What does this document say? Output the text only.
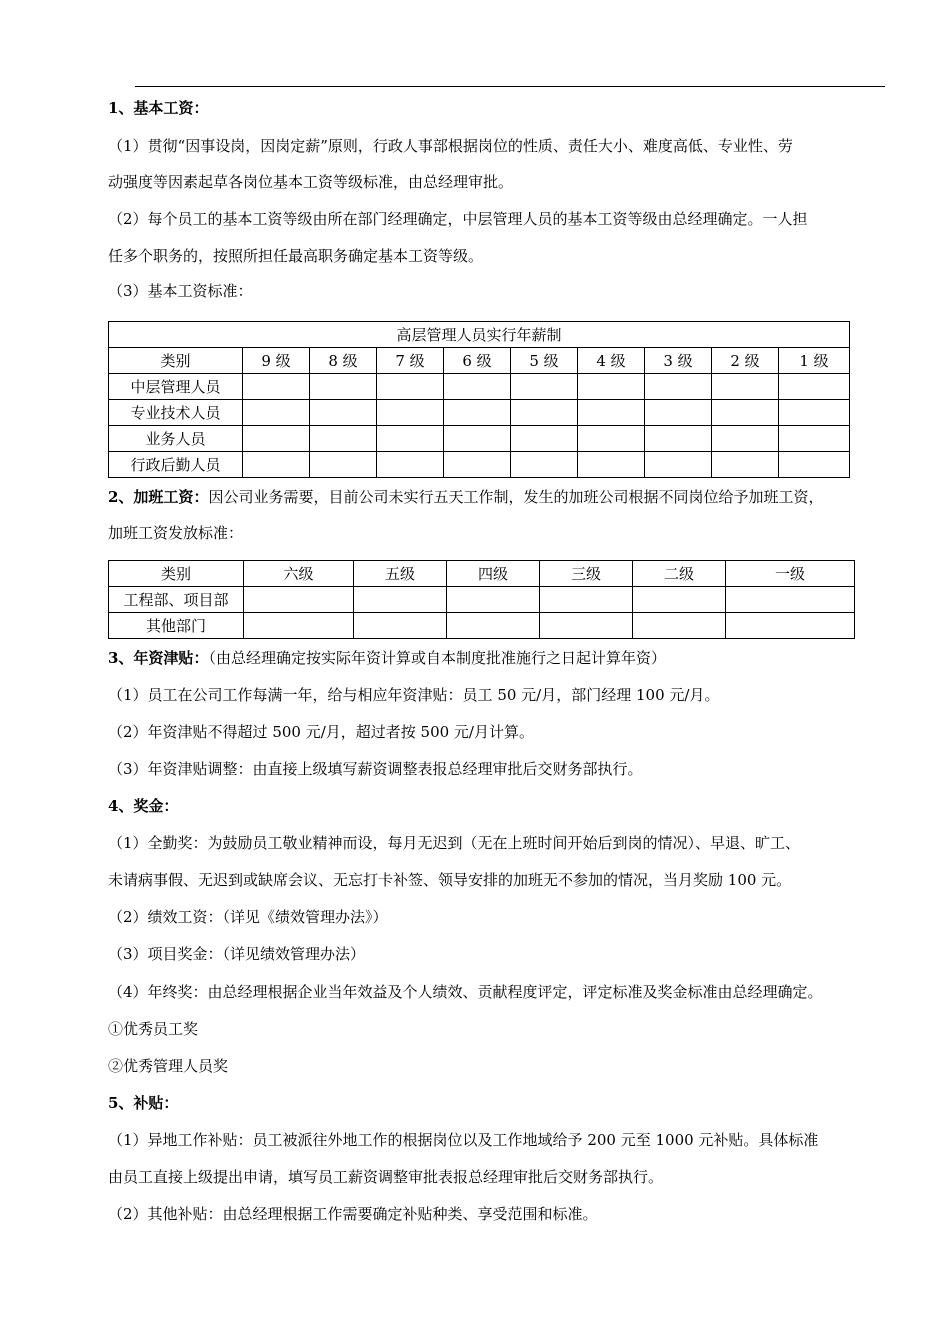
1、基本工资：
（1）贯彻“因事设岗，因岗定薪”原则，行政人事部根据岗位的性质、责任大小、难度高低、专业性、劳
动强度等因素起草各岗位基本工资等级标准，由总经理审批。
（2）每个员工的基本工资等级由所在部门经理确定，中层管理人员的基本工资等级由总经理确定。一人担
任多个职务的，按照所担任最高职务确定基本工资等级。
（3）基本工资标准：
高层管理人员实行年薪制									
类别	9 级	8 级	7 级	6 级	5 级	4 级	3 级	2 级	1 级
中层管理人员									
专业技术人员									
业务人员									
行政后勤人员									
2、加班工资：因公司业务需要，目前公司未实行五天工作制，发生的加班公司根据不同岗位给予加班工资，
加班工资发放标准：
类别	六级	五级	四级	三级	二级	一级
工程部、项目部						
其他部门						
3、年资津贴：（由总经理确定按实际年资计算或自本制度批准施行之日起计算年资）
（1）员工在公司工作每满一年，给与相应年资津贴：员工 50 元/月，部门经理 100 元/月。
（2）年资津贴不得超过 500 元/月，超过者按 500 元/月计算。
（3）年资津贴调整：由直接上级填写薪资调整表报总经理审批后交财务部执行。
4、奖金：
（1）全勤奖：为鼓励员工敬业精神而设，每月无迟到（无在上班时间开始后到岗的情况）、早退、旷工、
未请病事假、无迟到或缺席会议、无忘打卡补签、领导安排的加班无不参加的情况，当月奖励 100 元。
（2）绩效工资：（详见《绩效管理办法》）
（3）项目奖金：（详见绩效管理办法）
（4）年终奖：由总经理根据企业当年效益及个人绩效、贡献程度评定，评定标准及奖金标准由总经理确定。
①优秀员工奖
②优秀管理人员奖
5、补贴：
（1）异地工作补贴：员工被派往外地工作的根据岗位以及工作地域给予 200 元至 1000 元补贴。具体标准
由员工直接上级提出申请，填写员工薪资调整审批表报总经理审批后交财务部执行。
（2）其他补贴：由总经理根据工作需要确定补贴种类、享受范围和标准。
